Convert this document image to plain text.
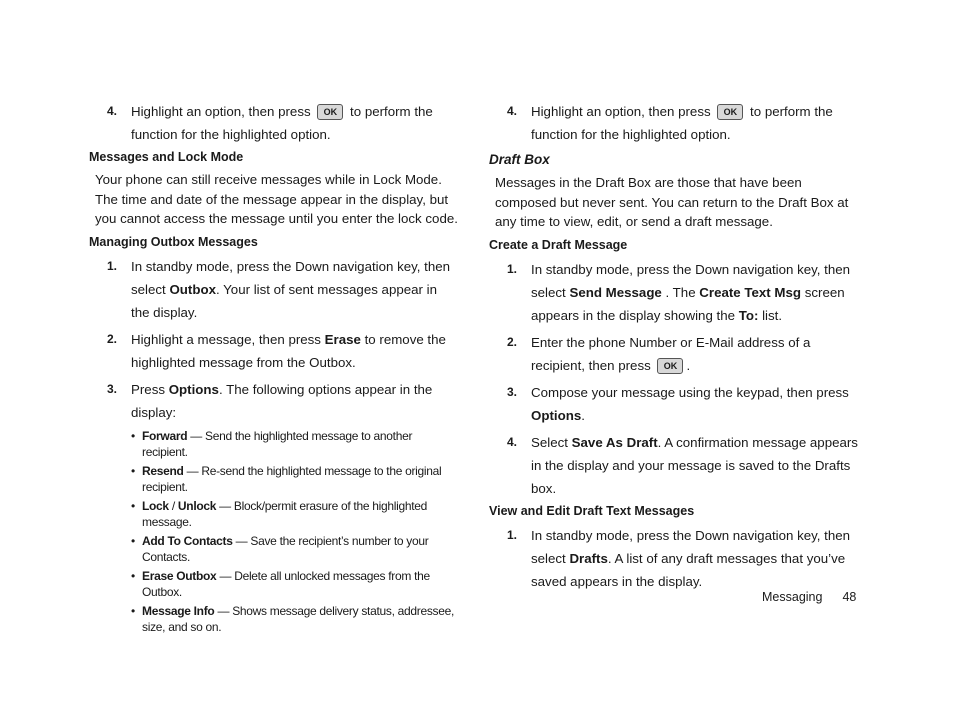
4.	Highlight an option, then press OK to perform the function for the highlighted option.
Messages and Lock Mode
Your phone can still receive messages while in Lock Mode. The time and date of the message appear in the display, but you cannot access the message until you enter the lock code.
Managing Outbox Messages
1.	In standby mode, press the Down navigation key, then select Outbox. Your list of sent messages appear in the display.
2.	Highlight a message, then press Erase to remove the highlighted message from the Outbox.
3.	Press Options. The following options appear in the display:
• Forward — Send the highlighted message to another recipient.
• Resend — Re-send the highlighted message to the original recipient.
• Lock / Unlock — Block/permit erasure of the highlighted message.
• Add To Contacts — Save the recipient’s number to your Contacts.
• Erase Outbox — Delete all unlocked messages from the Outbox.
• Message Info — Shows message delivery status, addressee, size, and so on.
4.	Highlight an option, then press OK to perform the function for the highlighted option.
Draft Box
Messages in the Draft Box are those that have been composed but never sent. You can return to the Draft Box at any time to view, edit, or send a draft message.
Create a Draft Message
1.	In standby mode, press the Down navigation key, then select Send Message . The Create Text Msg screen appears in the display showing the To: list.
2.	Enter the phone Number or E-Mail address of a recipient, then press OK .
3.	Compose your message using the keypad, then press Options.
4.	Select Save As Draft. A confirmation message appears in the display and your message is saved to the Drafts box.
View and Edit Draft Text Messages
1.	In standby mode, press the Down navigation key, then select Drafts. A list of any draft messages that you’ve saved appears in the display.
Messaging 48
